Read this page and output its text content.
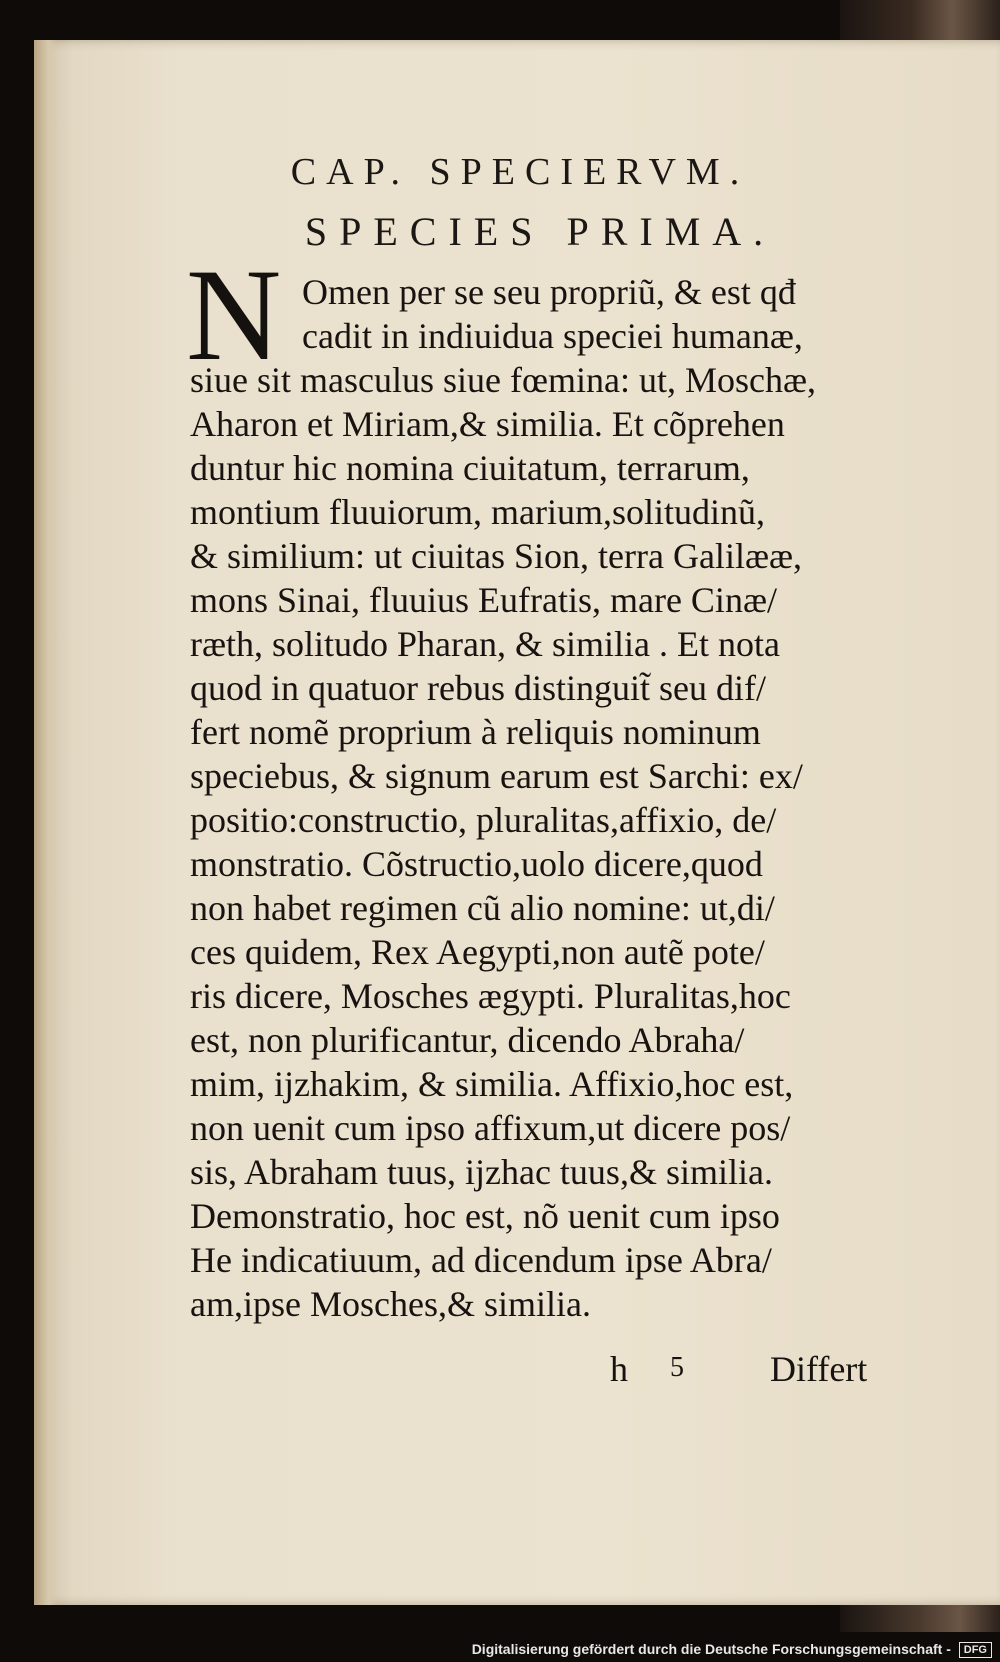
CAP. SPECIERVM.
SPECIES PRIMA.
N Omen per se seu propriũ, & est qđ
cadit in indiuidua speciei humanæ,
siue sit masculus siue fœmina: ut, Moschæ,
Aharon et Miriam,& similia. Et cõprehen
duntur hic nomina ciuitatum, terrarum,
montium fluuiorum, marium,solitudinũ,
& similium: ut ciuitas Sion, terra Galilææ,
mons Sinai, fluuius Eufratis, mare Cinæ/
ræth, solitudo Pharan, & similia . Et nota
quod in quatuor rebus distinguit̃ seu dif/
fert nomẽ proprium à reliquis nominum
speciebus, & signum earum est Sarchi: ex/
positio:constructio, pluralitas,affixio, de/
monstratio. Cõstructio,uolo dicere,quod
non habet regimen cũ alio nomine: ut,di/
ces quidem, Rex Aegypti,non autẽ pote/
ris dicere, Mosches ægypti. Pluralitas,hoc
est, non plurificantur, dicendo Abraha/
mim, ijzhakim, & similia. Affixio,hoc est,
non uenit cum ipso affixum,ut dicere pos/
sis, Abraham tuus, ijzhac tuus,& similia.
Demonstratio, hoc est, nõ uenit cum ipso
He indicatiuum, ad dicendum ipse Abra/
am,ipse Mosches,& similia.
h 5 Differt
Digitalisierung gefördert durch die Deutsche Forschungsgemeinschaft - DFG
